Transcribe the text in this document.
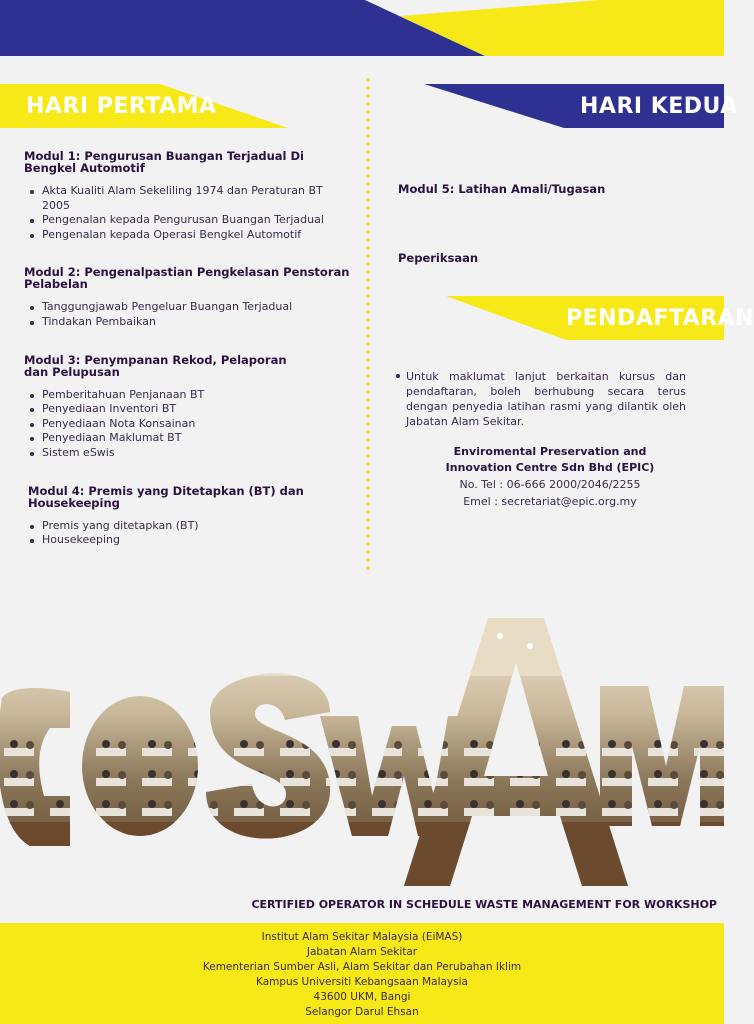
HARI PERTAMA	HARI KEDUA
PENDAFTARAN
Modul 1: Pengurusan Buangan Terjadual Di Bengkel Automotif
Akta Kualiti Alam Sekeliling 1974 dan Peraturan BT 2005
Pengenalan kepada Pengurusan Buangan Terjadual
Pengenalan kepada Operasi Bengkel Automotif
Modul 2: Pengenalpastian Pengkelasan Penstoran Pelabelan
Tanggungjawab Pengeluar Buangan Terjadual
Tindakan Pembaikan
Modul 3: Penympanan Rekod, Pelaporan dan Pelupusan
Pemberitahuan Penjanaan BT
Penyediaan Inventori BT
Penyediaan Nota Konsainan
Penyediaan Maklumat BT
Sistem eSwis
Modul 4: Premis yang Ditetapkan (BT) dan Housekeeping
Premis yang ditetapkan (BT)
Housekeeping
Modul 5: Latihan Amali/Tugasan
Peperiksaan
Untuk maklumat lanjut berkaitan kursus dan pendaftaran, boleh berhubung secara terus dengan penyedia latihan rasmi yang dilantik oleh Jabatan Alam Sekitar.
Enviromental Preservation and
Innovation Centre Sdn Bhd (EPIC)
No. Tel : 06-666 2000/2046/2255
Emel : secretariat@epic.org.my
CERTIFIED OPERATOR IN SCHEDULE WASTE MANAGEMENT FOR WORKSHOP
Institut Alam Sekitar Malaysia (EiMAS)
Jabatan Alam Sekitar
Kementerian Sumber Asli, Alam Sekitar dan Perubahan Iklim
Kampus Universiti Kebangsaan Malaysia
43600 UKM, Bangi
Selangor Darul Ehsan
